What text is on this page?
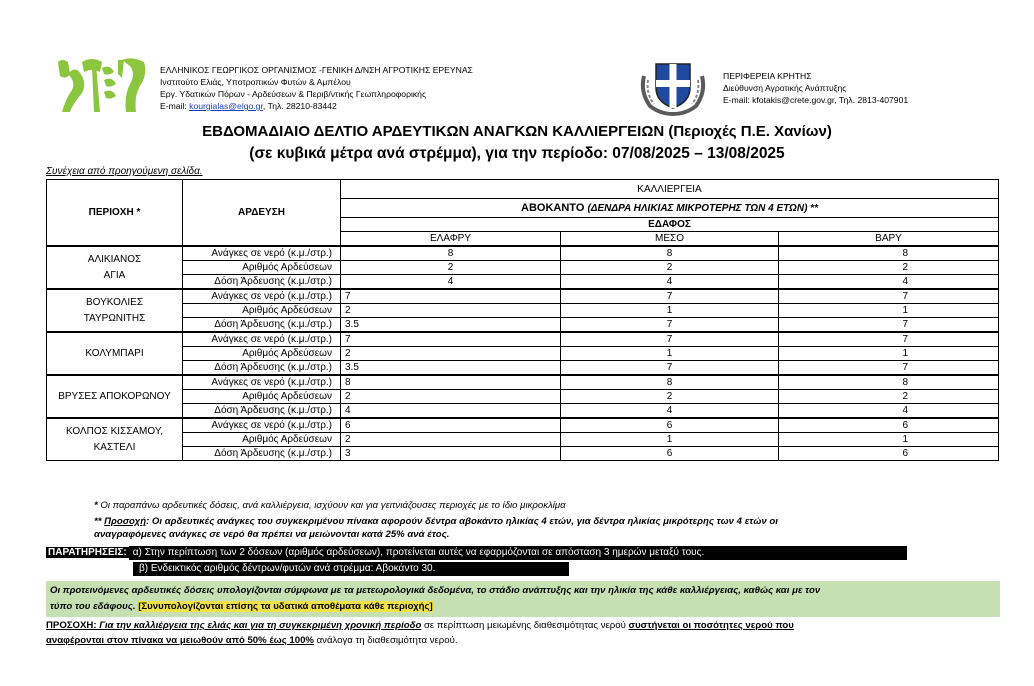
ΕΛΛΗΝΙΚΟΣ ΓΕΩΡΓΙΚΟΣ ΟΡΓΑΝΙΣΜΟΣ -ΓΕΝΙΚΗ Δ/ΝΣΗ ΑΓΡΟΤΙΚΗΣ ΕΡΕΥΝΑΣ
Ινστιτούτο Ελιάς, Υποτροπικών Φυτών & Αμπέλου
Εργ. Υδατικών Πόρων - Αρδεύσεων & Περιβ/ντικής Γεωπληροφορικής
E-mail: kourgialas@elgo.gr, Τηλ. 28210-83442
ΠΕΡΙΦΕΡΕΙΑ ΚΡΗΤΗΣ
Διεύθυνση Αγροτικής Ανάπτυξης
E-mail: kfotakis@crete.gov.gr, Τηλ. 2813-407901
ΕΒΔΟΜΑΔΙΑΙΟ ΔΕΛΤΙΟ ΑΡΔΕΥΤΙΚΩΝ ΑΝΑΓΚΩΝ ΚΑΛΛΙΕΡΓΕΙΩΝ (Περιοχές Π.Ε. Χανίων)
(σε κυβικά μέτρα ανά στρέμμα), για την περίοδο: 07/08/2025 – 13/08/2025
Συνέχεια από προηγούμενη σελίδα.
ΠΕΡΙΟΧΗ *	ΑΡΔΕΥΣΗ	ΚΑΛΛΙΕΡΓΕΙΑ		
		ΑΒΟΚΑΝΤΟ (ΔΕΝΔΡΑ ΗΛΙΚΙΑΣ ΜΙΚΡΟΤΕΡΗΣ ΤΩΝ 4 ΕΤΩΝ) **		
		ΕΔΑΦΟΣ		
		ΕΛΑΦΡΥ	ΜΕΣΟ	ΒΑΡΥ
ΑΛΙΚΙΑΝΟΣ
ΑΓΙΑ	Ανάγκες σε νερό (κ.μ./στρ.)	8	8	8
	Αριθμός Αρδεύσεων	2	2	2
	Δόση Άρδευσης (κ.μ./στρ.)	4	4	4
ΒΟΥΚΟΛΙΕΣ
ΤΑΥΡΩΝΙΤΗΣ	Ανάγκες σε νερό (κ.μ./στρ.)	7	7	7
	Αριθμός Αρδεύσεων	2	1	1
	Δόση Άρδευσης (κ.μ./στρ.)	3.5	7	7
ΚΟΛΥΜΠΑΡΙ	Ανάγκες σε νερό (κ.μ./στρ.)	7	7	7
	Αριθμός Αρδεύσεων	2	1	1
	Δόση Άρδευσης (κ.μ./στρ.)	3.5	7	7
ΒΡΥΣΕΣ ΑΠΟΚΟΡΩΝΟΥ	Ανάγκες σε νερό (κ.μ./στρ.)	8	8	8
	Αριθμός Αρδεύσεων	2	2	2
	Δόση Άρδευσης (κ.μ./στρ.)	4	4	4
ΚΟΛΠΟΣ ΚΙΣΣΑΜΟΥ,
ΚΑΣΤΕΛΙ	Ανάγκες σε νερό (κ.μ./στρ.)	6	6	6
	Αριθμός Αρδεύσεων	2	1	1
	Δόση Άρδευσης (κ.μ./στρ.)	3	6	6
* Οι παραπάνω αρδευτικές δόσεις, ανά καλλιέργεια, ισχύουν και για γειτνιάζουσες περιοχές με το ίδιο μικροκλίμα
** Προσοχή: Οι αρδευτικές ανάγκες του συγκεκριμένου πίνακα αφορούν δέντρα αβοκάντο ηλικίας 4 ετών, για δέντρα ηλικίας μικρότερης των 4 ετών οι
αναγραφόμενες ανάγκες σε νερό θα πρέπει να μειώνονται κατά 25% ανά έτος.
ΠΑΡΑΤΗΡΗΣΕΙΣ: α) Στην περίπτωση των 2 δόσεων (αριθμός αρδεύσεων), προτείνεται αυτές να εφαρμόζονται σε απόσταση 3 ημερών μεταξύ τους.
β) Ενδεικτικός αριθμός δέντρων/φυτών ανά στρέμμα: Αβοκάντο 30.
Οι προτεινόμενες αρδευτικές δόσεις υπολογίζονται σύμφωνα με τα μετεωρολογικά δεδομένα, το στάδιο ανάπτυξης και την ηλικία της κάθε καλλιέργειας, καθώς και με τον
τύπο του εδάφους. [Συνυπολογίζονται επίσης τα υδατικά αποθέματα κάθε περιοχής]
ΠΡΟΣΟΧΗ: Για την καλλιέργεια της ελιάς και για τη συγκεκριμένη χρονική περίοδο σε περίπτωση μειωμένης διαθεσιμότητας νερού συστήνεται οι ποσότητες νερού που
αναφέρονται στον πίνακα να μειωθούν από 50% έως 100% ανάλογα τη διαθεσιμότητα νερού.
